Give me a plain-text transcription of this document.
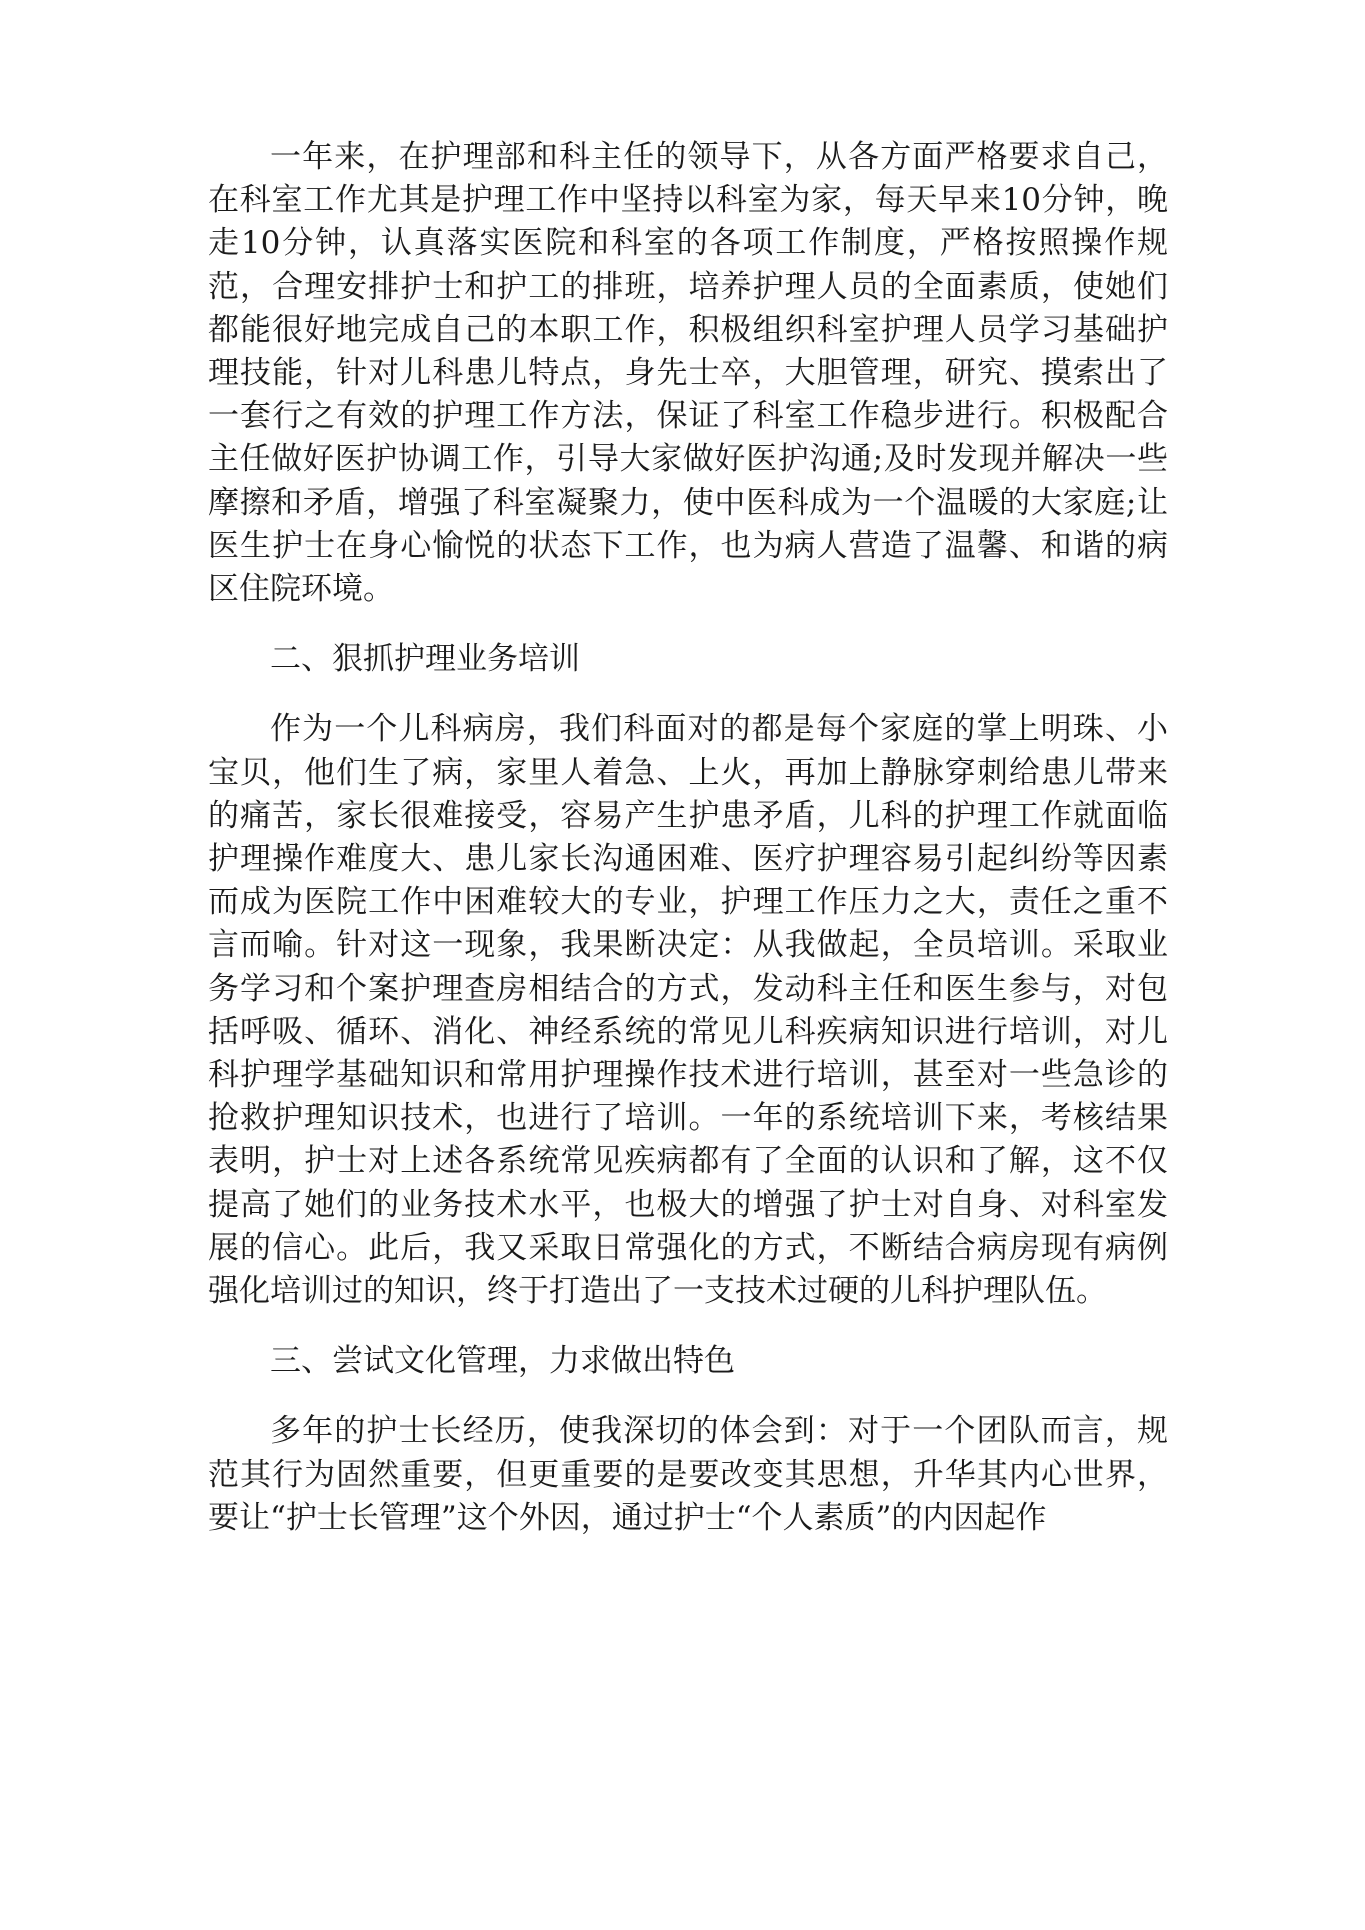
一年来，在护理部和科主任的领导下，从各方面严格要求自己，在科室工作尤其是护理工作中坚持以科室为家，每天早来10分钟，晚走10分钟，认真落实医院和科室的各项工作制度，严格按照操作规范，合理安排护士和护工的排班，培养护理人员的全面素质，使她们都能很好地完成自己的本职工作，积极组织科室护理人员学习基础护理技能，针对儿科患儿特点，身先士卒，大胆管理，研究、摸索出了一套行之有效的护理工作方法，保证了科室工作稳步进行。积极配合主任做好医护协调工作，引导大家做好医护沟通;及时发现并解决一些摩擦和矛盾，增强了科室凝聚力，使中医科成为一个温暖的大家庭;让医生护士在身心愉悦的状态下工作，也为病人营造了温馨、和谐的病区住院环境。

二、狠抓护理业务培训

作为一个儿科病房，我们科面对的都是每个家庭的掌上明珠、小宝贝，他们生了病，家里人着急、上火，再加上静脉穿刺给患儿带来的痛苦，家长很难接受，容易产生护患矛盾，儿科的护理工作就面临护理操作难度大、患儿家长沟通困难、医疗护理容易引起纠纷等因素而成为医院工作中困难较大的专业，护理工作压力之大，责任之重不言而喻。针对这一现象，我果断决定：从我做起，全员培训。采取业务学习和个案护理查房相结合的方式，发动科主任和医生参与，对包括呼吸、循环、消化、神经系统的常见儿科疾病知识进行培训，对儿科护理学基础知识和常用护理操作技术进行培训，甚至对一些急诊的抢救护理知识技术，也进行了培训。一年的系统培训下来，考核结果表明，护士对上述各系统常见疾病都有了全面的认识和了解，这不仅提高了她们的业务技术水平，也极大的增强了护士对自身、对科室发展的信心。此后，我又采取日常强化的方式，不断结合病房现有病例强化培训过的知识，终于打造出了一支技术过硬的儿科护理队伍。

三、尝试文化管理，力求做出特色

多年的护士长经历，使我深切的体会到：对于一个团队而言，规范其行为固然重要，但更重要的是要改变其思想，升华其内心世界，要让“护士长管理”这个外因，通过护士“个人素质”的内因起作
